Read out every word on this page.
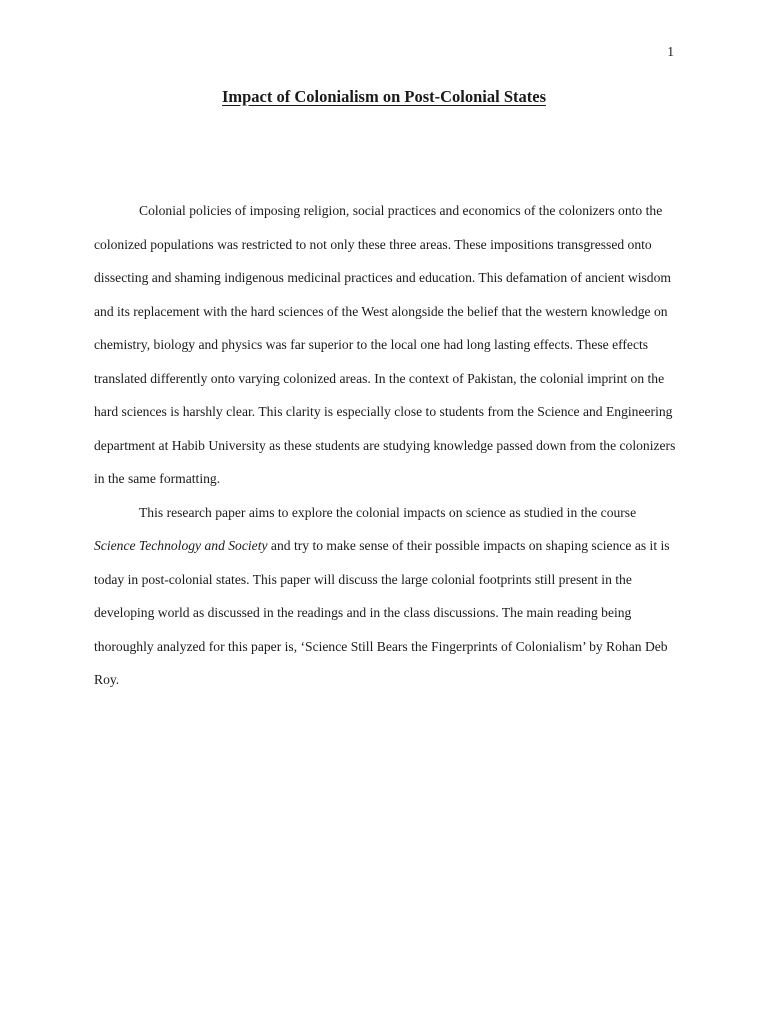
1
Impact of Colonialism on Post-Colonial States

Colonial policies of imposing religion, social practices and economics of the colonizers onto the colonized populations was restricted to not only these three areas. These impositions transgressed onto dissecting and shaming indigenous medicinal practices and education. This defamation of ancient wisdom and its replacement with the hard sciences of the West alongside the belief that the western knowledge on chemistry, biology and physics was far superior to the local one had long lasting effects. These effects translated differently onto varying colonized areas. In the context of Pakistan, the colonial imprint on the hard sciences is harshly clear. This clarity is especially close to students from the Science and Engineering department at Habib University as these students are studying knowledge passed down from the colonizers in the same formatting.

This research paper aims to explore the colonial impacts on science as studied in the course Science Technology and Society and try to make sense of their possible impacts on shaping science as it is today in post-colonial states. This paper will discuss the large colonial footprints still present in the developing world as discussed in the readings and in the class discussions. The main reading being thoroughly analyzed for this paper is, ‘Science Still Bears the Fingerprints of Colonialism’ by Rohan Deb Roy.
